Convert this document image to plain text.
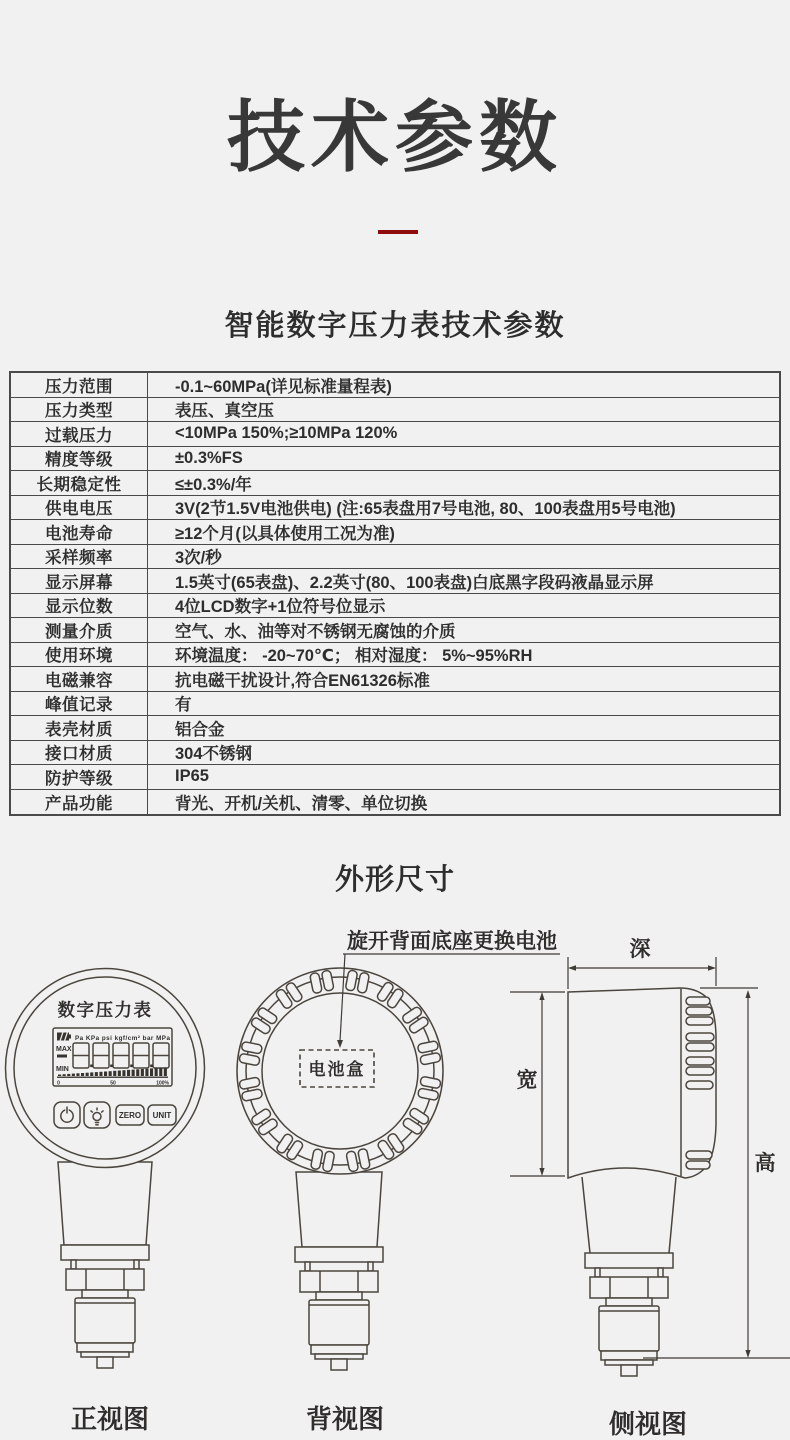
技术参数
智能数字压力表技术参数
压力范围	-0.1~60MPa(详见标准量程表)
压力类型	表压、真空压
过载压力	<10MPa 150%;≥10MPa 120%
精度等级	±0.3%FS
长期稳定性	≤±0.3%/年
供电电压	3V(2节1.5V电池供电) (注:65表盘用7号电池, 80、100表盘用5号电池)
电池寿命	≥12个月(以具体使用工况为准)
采样频率	3次/秒
显示屏幕	1.5英寸(65表盘)、2.2英寸(80、100表盘)白底黑字段码液晶显示屏
显示位数	4位LCD数字+1位符号位显示
测量介质	空气、水、油等对不锈钢无腐蚀的介质
使用环境	环境温度： -20~70℃； 相对湿度： 5%~95%RH
电磁兼容	抗电磁干扰设计,符合EN61326标准
峰值记录	有
表壳材质	铝合金
接口材质	304不锈钢
防护等级	IP65
产品功能	背光、开机/关机、清零、单位切换
外形尺寸
数字压力表
Pa KPa psi kgf/cm² bar MPa
MAX
MIN
0	50	100%
ZERO UNIT
正视图
电池盒
背视图
旋开背面底座更换电池	深
宽
高
侧视图
